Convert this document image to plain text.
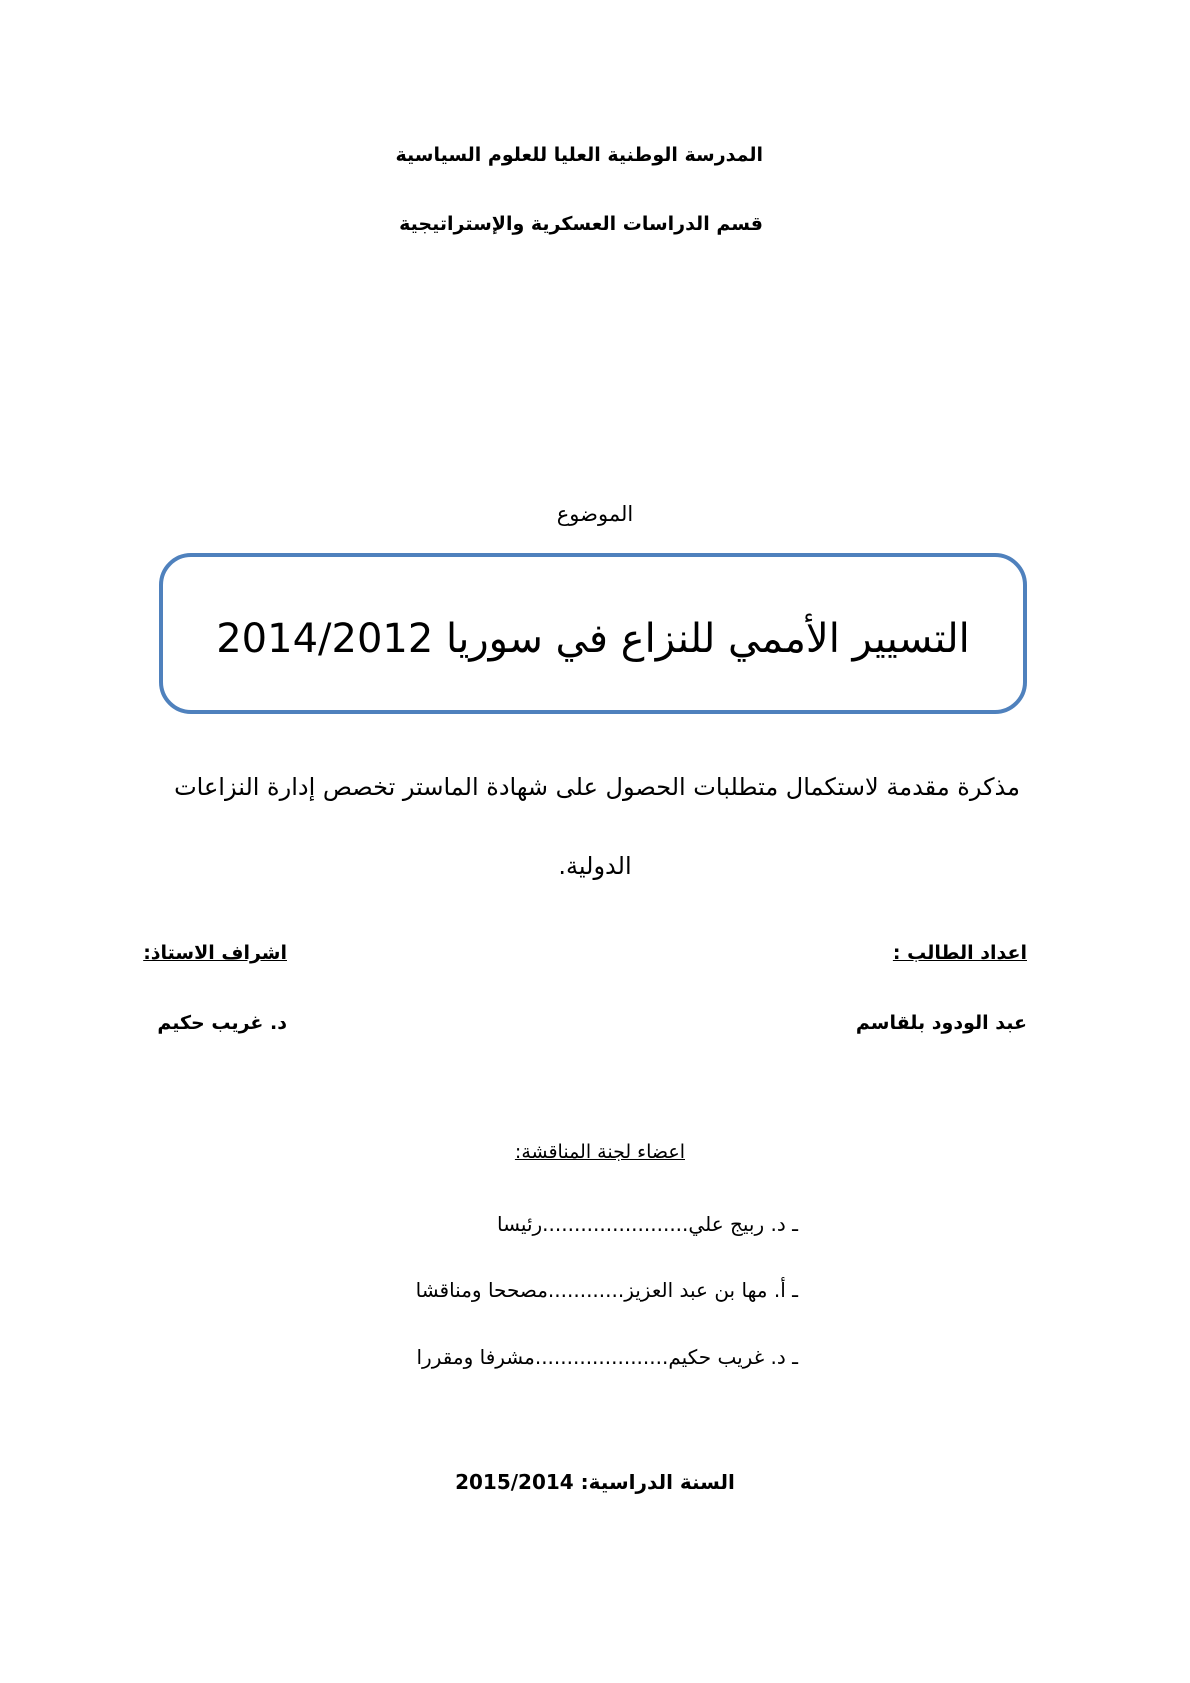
المدرسة الوطنية العليا للعلوم السياسية
قسم الدراسات العسكرية والإستراتيجية
الموضوع
التسيير الأممي للنزاع في سوريا 2014/2012
مذكرة مقدمة لاستكمال متطلبات الحصول على شهادة الماستر تخصص إدارة النزاعات
الدولية.
اعداد الطالب :
اشراف الاستاذ:
عبد الودود بلقاسم
د. غريب حكيم
اعضاء لجنة المناقشة:
ـ د. ربيج علي.......................رئيسا
ـ أ. مها بن عبد العزيز............مصححا ومناقشا
ـ د. غريب حكيم.....................مشرفا ومقررا
السنة الدراسية: 2015/2014
